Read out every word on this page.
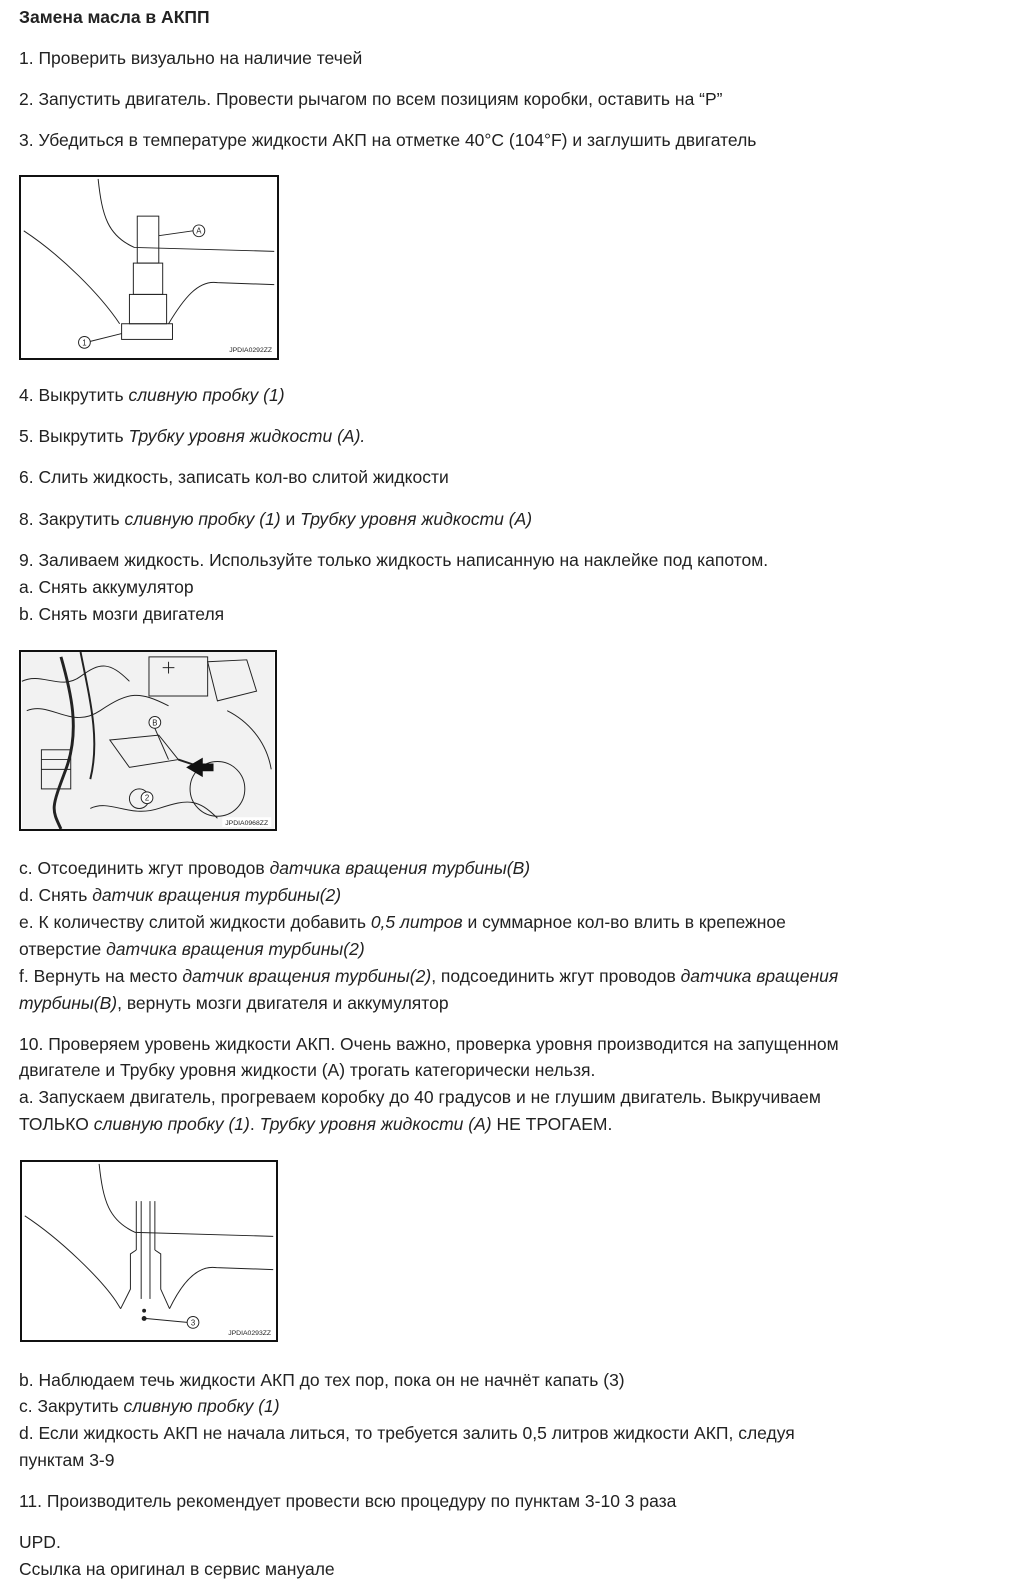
Замена масла в АКПП
1. Проверить визуально на наличие течей
2. Запустить двигатель. Провести рычагом по всем позициям коробки, оставить на “P”
3. Убедиться в температуре жидкости АКП на отметке 40°C (104°F) и заглушить двигатель
A
1
JPDIA0292ZZ
4. Выкрутить сливную пробку (1)
5. Выкрутить Трубку уровня жидкости (A).
6. Слить жидкость, записать кол-во слитой жидкости
8. Закрутить сливную пробку (1) и Трубку уровня жидкости (A)
9. Заливаем жидкость. Используйте только жидкость написанную на наклейке под капотом.
a. Снять аккумулятор
b. Снять мозги двигателя
B
2
JPDIA0968ZZ
c. Отсоединить жгут проводов датчика вращения турбины(B)
d. Снять датчик вращения турбины(2)
e. К количеству слитой жидкости добавить 0,5 литров и суммарное кол-во влить в крепежное
отверстие датчика вращения турбины(2)
f. Вернуть на место датчик вращения турбины(2), подсоединить жгут проводов датчика вращения
турбины(B), вернуть мозги двигателя и аккумулятор
10. Проверяем уровень жидкости АКП. Очень важно, проверка уровня производится на запущенном
двигателе и Трубку уровня жидкости (A) трогать категорически нельзя.
a. Запускаем двигатель, прогреваем коробку до 40 градусов и не глушим двигатель. Выкручиваем
ТОЛЬКО сливную пробку (1). Трубку уровня жидкости (A) НЕ ТРОГАЕМ.
3
JPDIA0293ZZ
b. Наблюдаем течь жидкости АКП до тех пор, пока он не начнёт капать (3)
c. Закрутить сливную пробку (1)
d. Если жидкость АКП не начала литься, то требуется залить 0,5 литров жидкости АКП, следуя
пунктам 3-9
11. Производитель рекомендует провести всю процедуру по пунктам 3-10 3 раза
UPD.
Ссылка на оригинал в сервис мануале
